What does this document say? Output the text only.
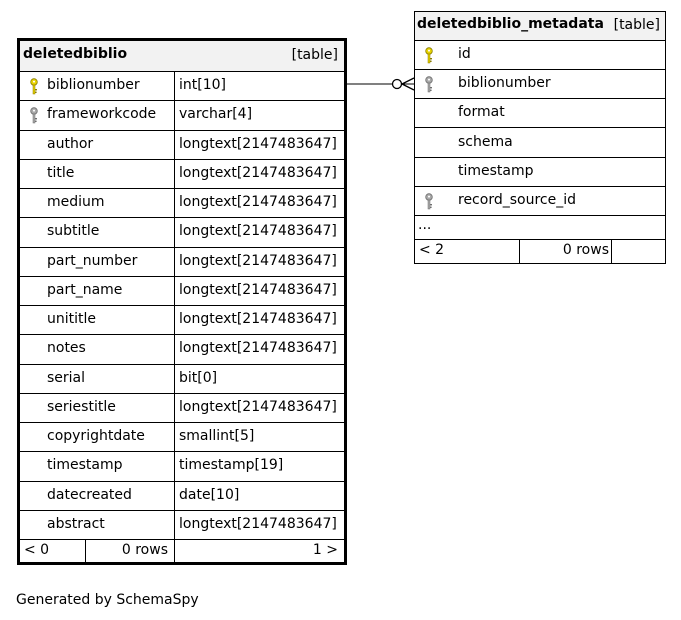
deletedbiblio	[table]
biblionumber	int[10]
frameworkcode	varchar[4]
author	longtext[2147483647]
title	longtext[2147483647]
medium	longtext[2147483647]
subtitle	longtext[2147483647]
part_number	longtext[2147483647]
part_name	longtext[2147483647]
unititle	longtext[2147483647]
notes	longtext[2147483647]
serial	bit[0]
seriestitle	longtext[2147483647]
copyrightdate	smallint[5]
timestamp	timestamp[19]
datecreated	date[10]
abstract	longtext[2147483647]
< 0	0 rows	1 >
deletedbiblio_metadata [table]
id
biblionumber
format
schema
timestamp
record_source_id
...
< 2	0 rows
Generated by SchemaSpy
